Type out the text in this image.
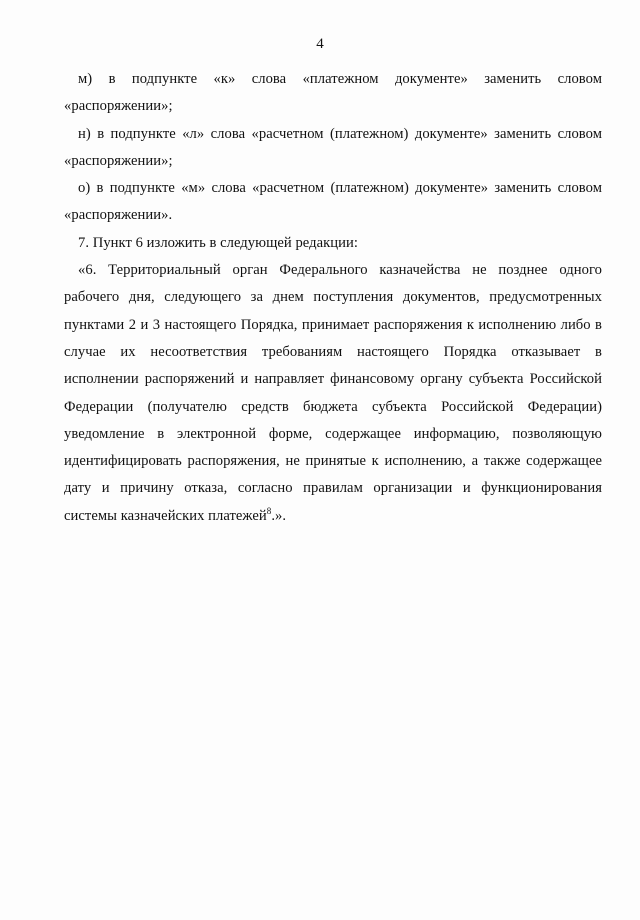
4

м) в подпункте «к» слова «платежном документе» заменить словом «распоряжении»;

н) в подпункте «л» слова «расчетном (платежном) документе» заменить словом «распоряжении»;

о) в подпункте «м» слова «расчетном (платежном) документе» заменить словом «распоряжении».

7. Пункт 6 изложить в следующей редакции:

«6. Территориальный орган Федерального казначейства не позднее одного рабочего дня, следующего за днем поступления документов, предусмотренных пунктами 2 и 3 настоящего Порядка, принимает распоряжения к исполнению либо в случае их несоответствия требованиям настоящего Порядка отказывает в исполнении распоряжений и направляет финансовому органу субъекта Российской Федерации (получателю средств бюджета субъекта Российской Федерации) уведомление в электронной форме, содержащее информацию, позволяющую идентифицировать распоряжения, не принятые к исполнению, а также содержащее дату и причину отказа, согласно правилам организации и функционирования системы казначейских платежей$^8$.».
